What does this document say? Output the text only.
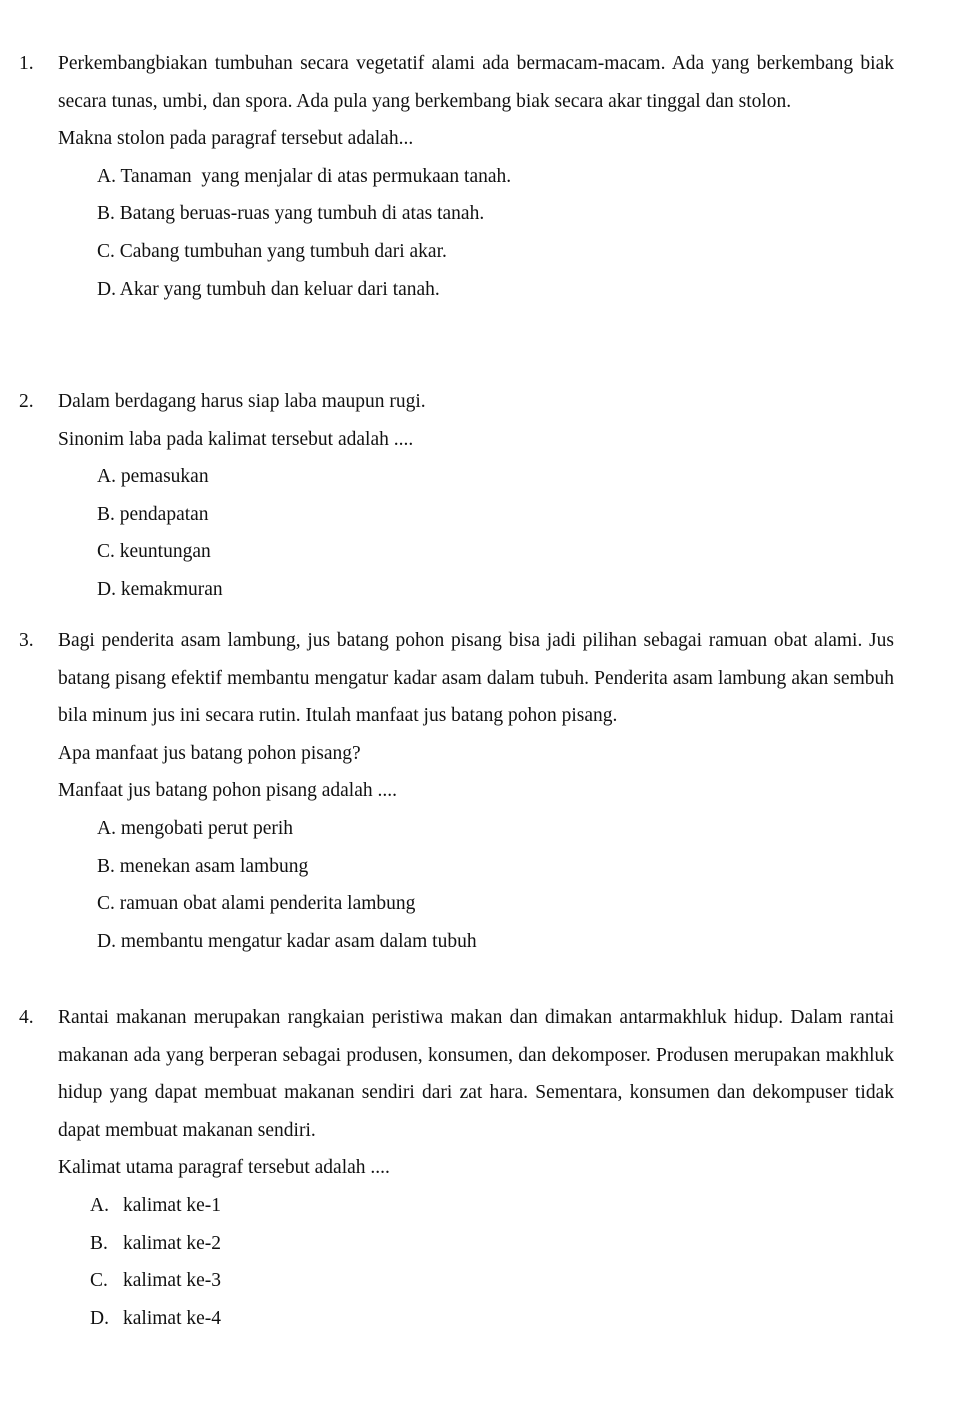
1. Perkembangbiakan tumbuhan secara vegetatif alami ada bermacam-macam. Ada yang berkembang biak secara tunas, umbi, dan spora. Ada pula yang berkembang biak secara akar tinggal dan stolon.

Makna stolon pada paragraf tersebut adalah...

A. Tanaman  yang menjalar di atas permukaan tanah.
B. Batang beruas-ruas yang tumbuh di atas tanah.
C. Cabang tumbuhan yang tumbuh dari akar.
D. Akar yang tumbuh dan keluar dari tanah.
2. Dalam berdagang harus siap laba maupun rugi.

Sinonim laba pada kalimat tersebut adalah ....

A. pemasukan
B. pendapatan
C. keuntungan
D. kemakmuran
3. Bagi penderita asam lambung, jus batang pohon pisang bisa jadi pilihan sebagai ramuan obat alami. Jus batang pisang efektif membantu mengatur kadar asam dalam tubuh. Penderita asam lambung akan sembuh bila minum jus ini secara rutin. Itulah manfaat jus batang pohon pisang.

Apa manfaat jus batang pohon pisang?

Manfaat jus batang pohon pisang adalah ....

A. mengobati perut perih
B. menekan asam lambung
C. ramuan obat alami penderita lambung
D. membantu mengatur kadar asam dalam tubuh
4. Rantai makanan merupakan rangkaian peristiwa makan dan dimakan antarmakhluk hidup. Dalam rantai makanan ada yang berperan sebagai produsen, konsumen, dan dekomposer. Produsen merupakan makhluk hidup yang dapat membuat makanan sendiri dari zat hara. Sementara, konsumen dan dekompuser tidak dapat membuat makanan sendiri.

Kalimat utama paragraf tersebut adalah ....

A. kalimat ke-1
B. kalimat ke-2
C. kalimat ke-3
D. kalimat ke-4
